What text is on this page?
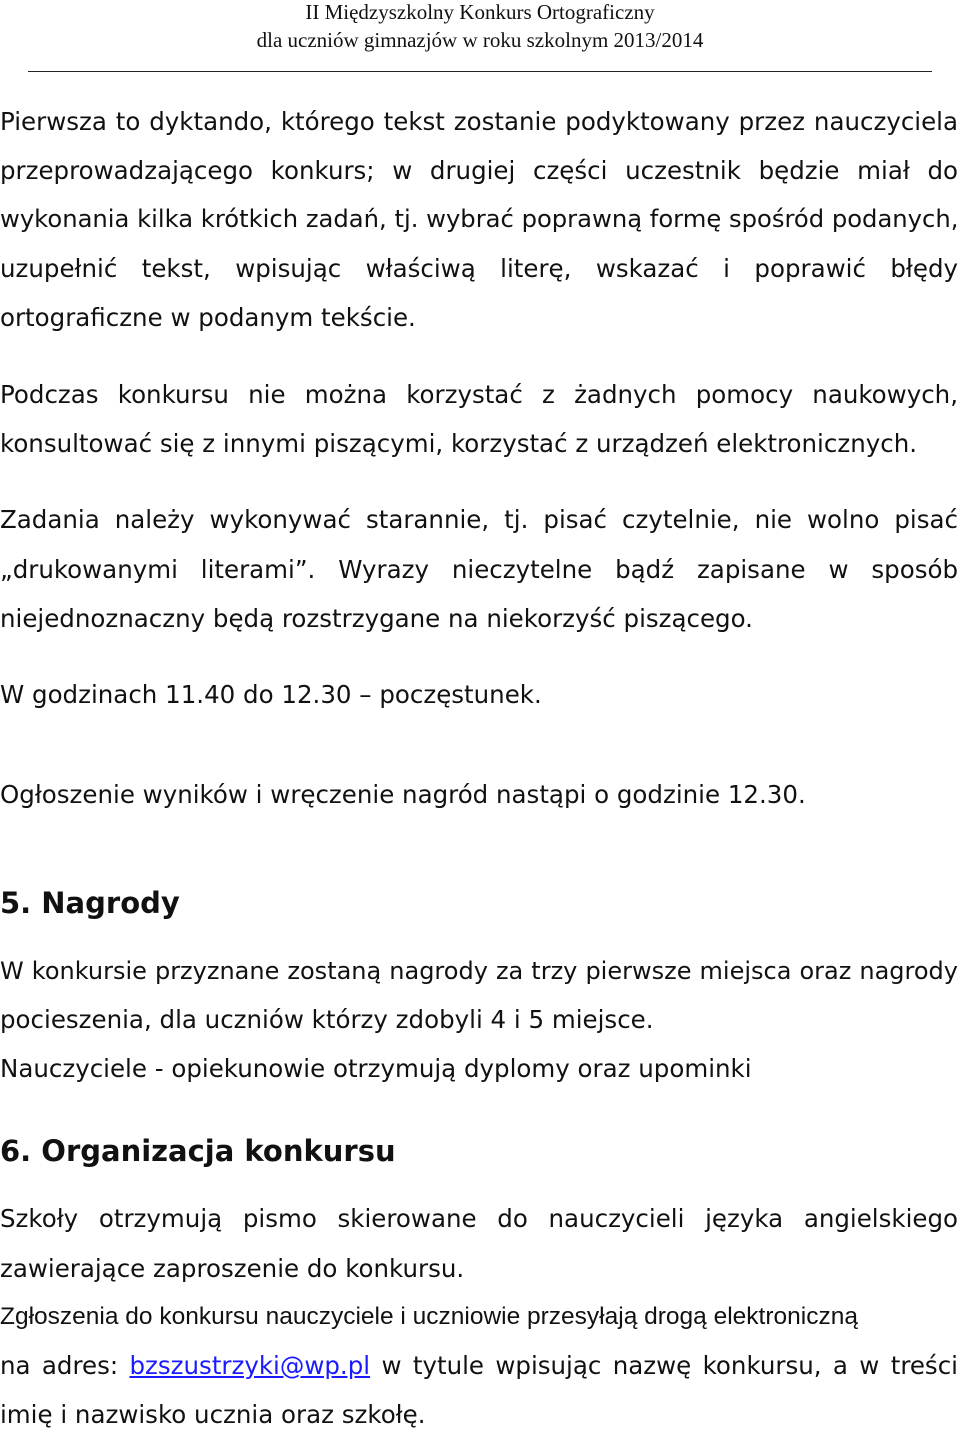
II Międzyszkolny Konkurs Ortograficzny
dla uczniów gimnazjów w roku szkolnym 2013/2014
Pierwsza to dyktando, którego tekst zostanie podyktowany przez nauczyciela
przeprowadzającego konkurs; w drugiej części uczestnik będzie miał do
wykonania kilka krótkich zadań, tj. wybrać poprawną formę spośród podanych,
uzupełnić tekst, wpisując właściwą literę, wskazać i poprawić błędy
ortograficzne w podanym tekście.
Podczas konkursu nie można korzystać z żadnych pomocy naukowych,
konsultować się z innymi piszącymi, korzystać z urządzeń elektronicznych.
Zadania należy wykonywać starannie, tj. pisać czytelnie, nie wolno pisać
„drukowanymi literami”. Wyrazy nieczytelne bądź zapisane w sposób
niejednoznaczny będą rozstrzygane na niekorzyść piszącego.
W godzinach 11.40 do 12.30 – poczęstunek.
Ogłoszenie wyników i wręczenie nagród nastąpi o godzinie 12.30.
5. Nagrody
W konkursie przyznane zostaną nagrody za trzy pierwsze miejsca oraz nagrody
pocieszenia, dla uczniów którzy zdobyli 4 i 5 miejsce.
Nauczyciele - opiekunowie otrzymują dyplomy oraz upominki
6. Organizacja konkursu
Szkoły otrzymują pismo skierowane do nauczycieli języka angielskiego
zawierające zaproszenie do konkursu.
Zgłoszenia do konkursu nauczyciele i uczniowie przesyłają drogą elektroniczną
na adres: bzszustrzyki@wp.pl w tytule wpisując nazwę konkursu, a w treści
imię i nazwisko ucznia oraz szkołę.
